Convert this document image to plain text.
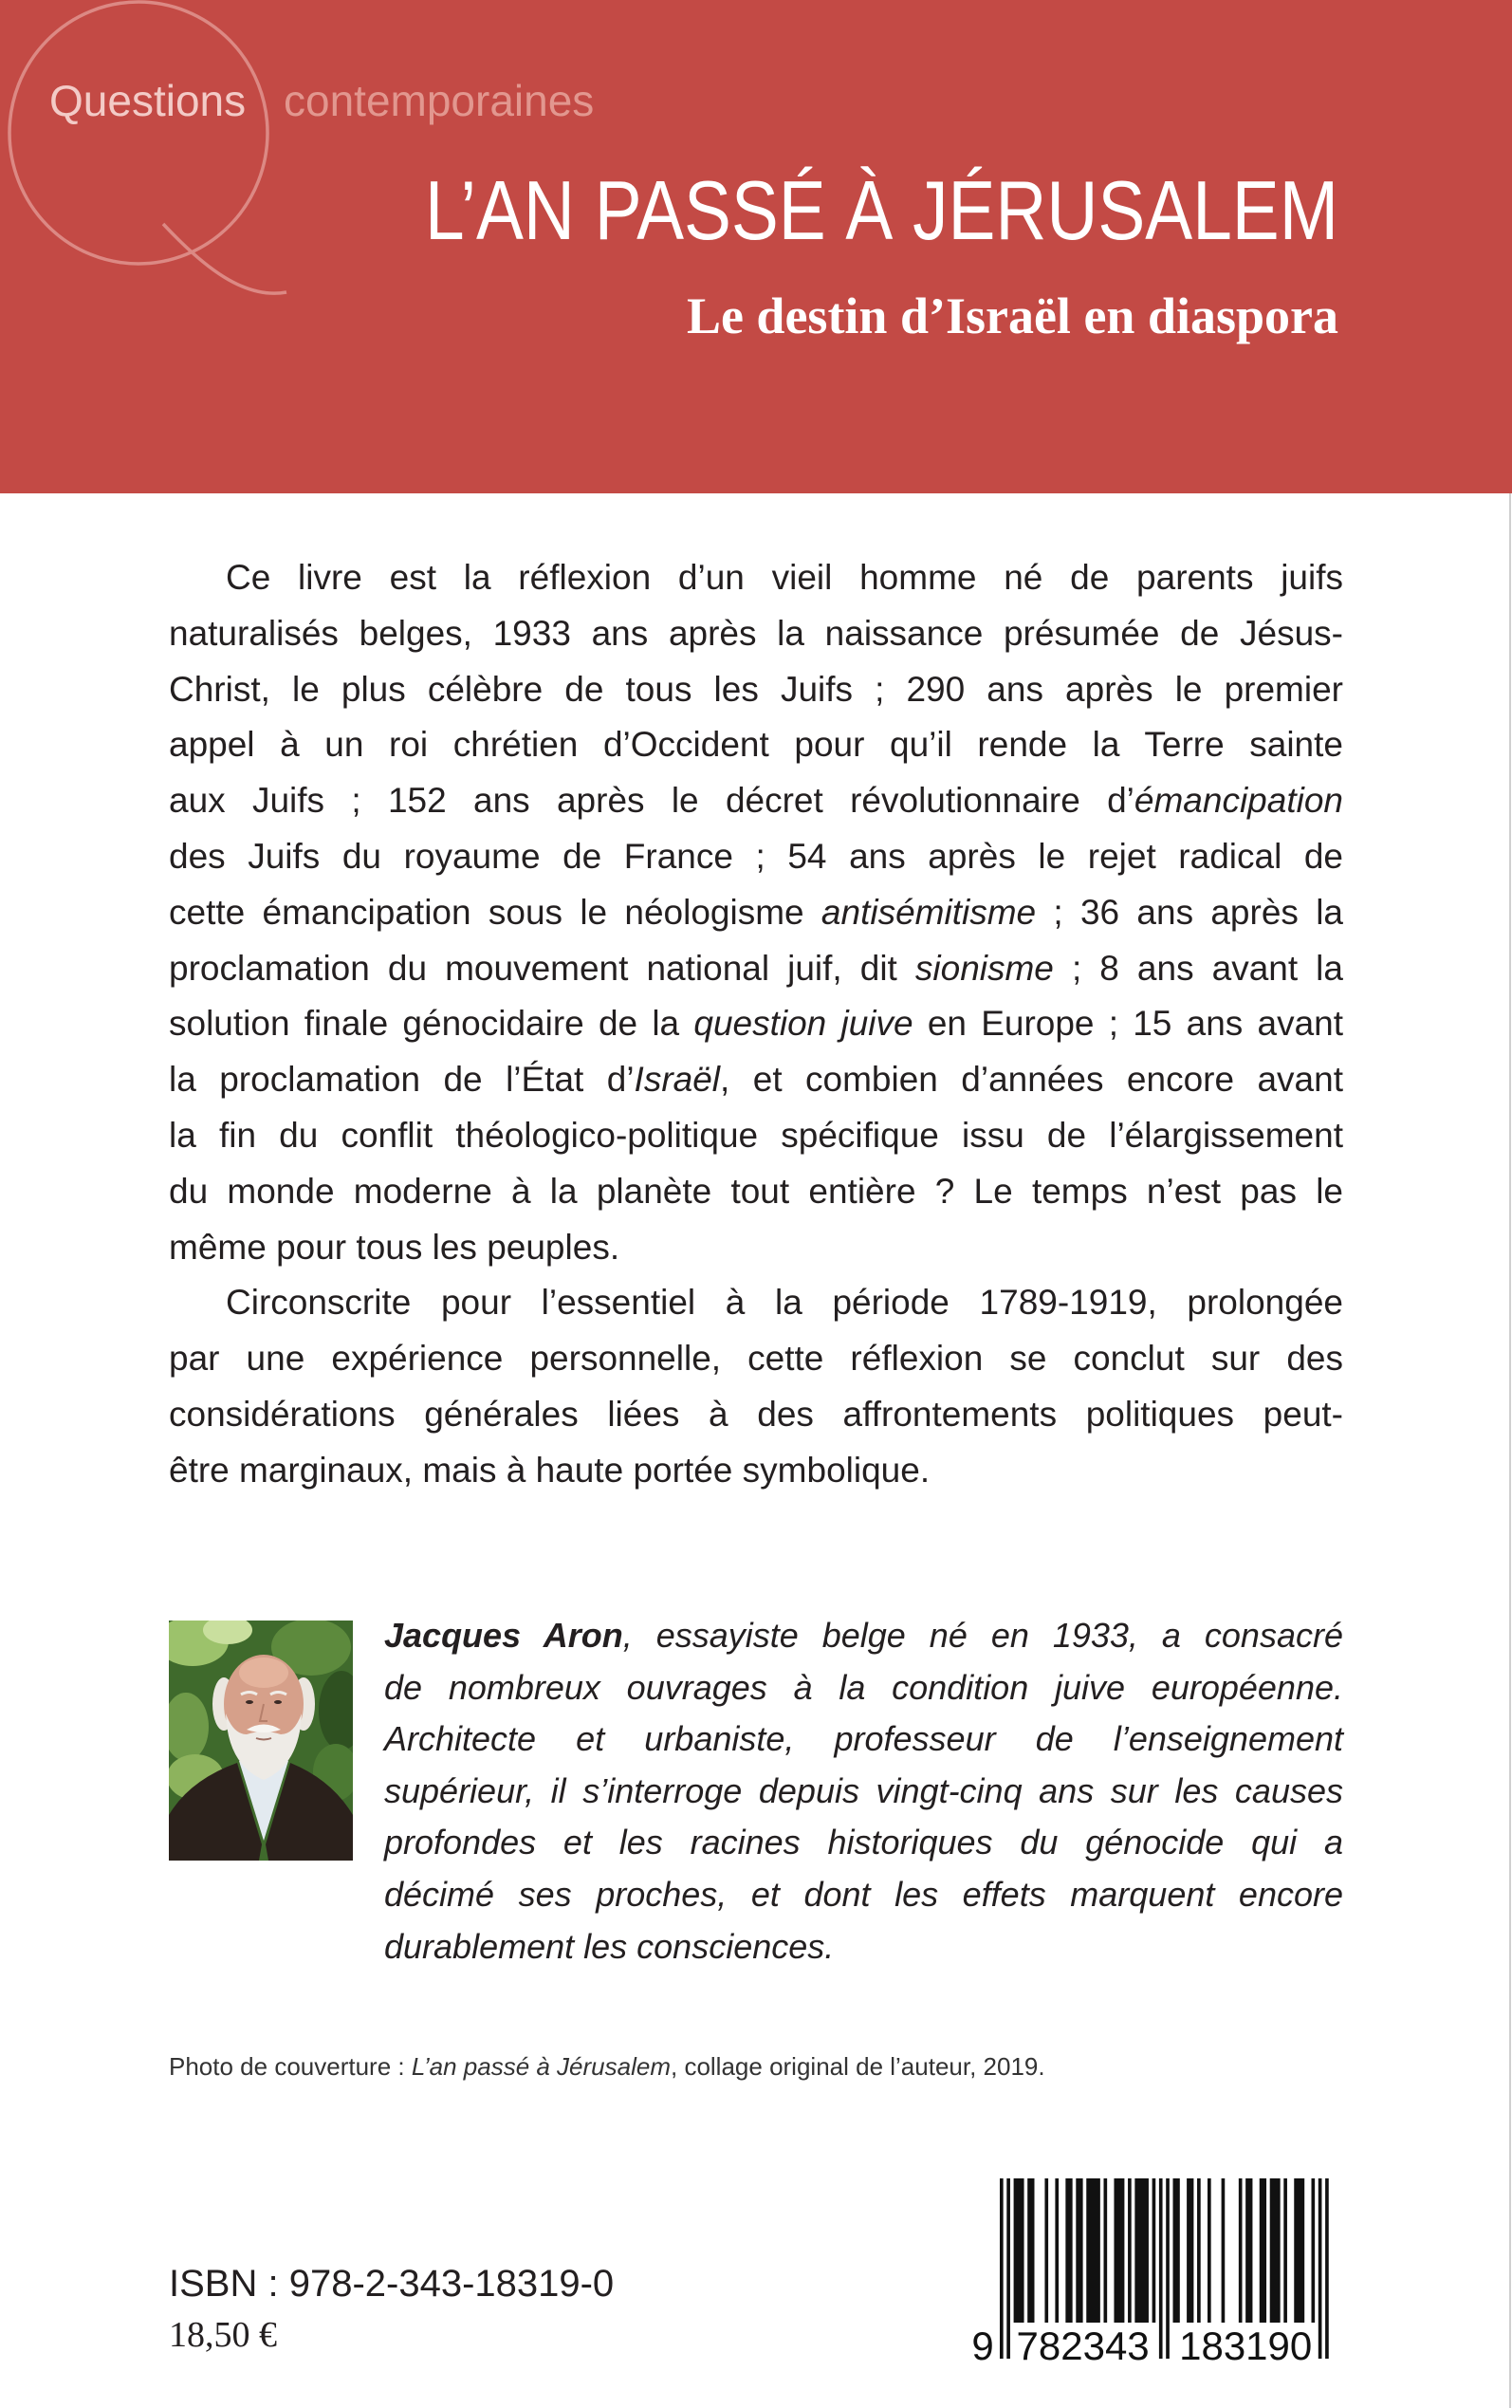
Questions contemporaines
L’AN PASSÉ À JÉRUSALEM
Le destin d’Israël en diaspora
Ce livre est la réflexion d’un vieil homme né de parents juifs
naturalisés belges, 1933 ans après la naissance présumée de Jésus-
Christ, le plus célèbre de tous les Juifs ; 290 ans après le premier
appel à un roi chrétien d’Occident pour qu’il rende la Terre sainte
aux Juifs ; 152 ans après le décret révolutionnaire d’émancipation
des Juifs du royaume de France ; 54 ans après le rejet radical de
cette émancipation sous le néologisme antisémitisme ; 36 ans après la
proclamation du mouvement national juif, dit sionisme ; 8 ans avant la
solution finale génocidaire de la question juive en Europe ; 15 ans avant
la proclamation de l’État d’Israël, et combien d’années encore avant
la fin du conflit théologico-politique spécifique issu de l’élargissement
du monde moderne à la planète tout entière ? Le temps n’est pas le
même pour tous les peuples.
Circonscrite pour l’essentiel à la période 1789-1919, prolongée
par une expérience personnelle, cette réflexion se conclut sur des
considérations générales liées à des affrontements politiques peut-
être marginaux, mais à haute portée symbolique.
Jacques Aron, essayiste belge né en 1933, a consacré
de nombreux ouvrages à la condition juive européenne.
Architecte et urbaniste, professeur de l’enseignement
supérieur, il s’interroge depuis vingt-cinq ans sur les causes
profondes et les racines historiques du génocide qui a
décimé ses proches, et dont les effets marquent encore
durablement les consciences.
Photo de couverture : L’an passé à Jérusalem, collage original de l’auteur, 2019.
ISBN : 978-2-343-18319-0
18,50 €	9 782343 183190
